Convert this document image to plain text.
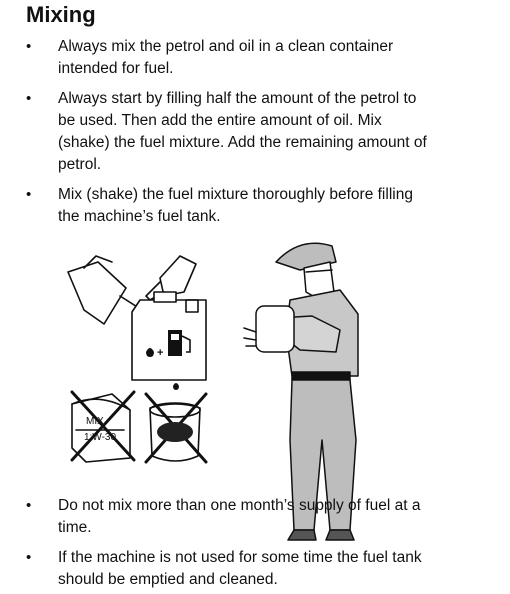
Mixing
• Always mix the petrol and oil in a clean container
intended for fuel.
• Always start by filling half the amount of the petrol to
be used. Then add the entire amount of oil. Mix
(shake) the fuel mixture. Add the remaining amount of
petrol.
• Mix (shake) the fuel mixture thoroughly before filling
the machine’s fuel tank.
+
MIX
1:W-30
• Do not mix more than one month’s supply of fuel at a
time.
• If the machine is not used for some time the fuel tank
should be emptied and cleaned.
